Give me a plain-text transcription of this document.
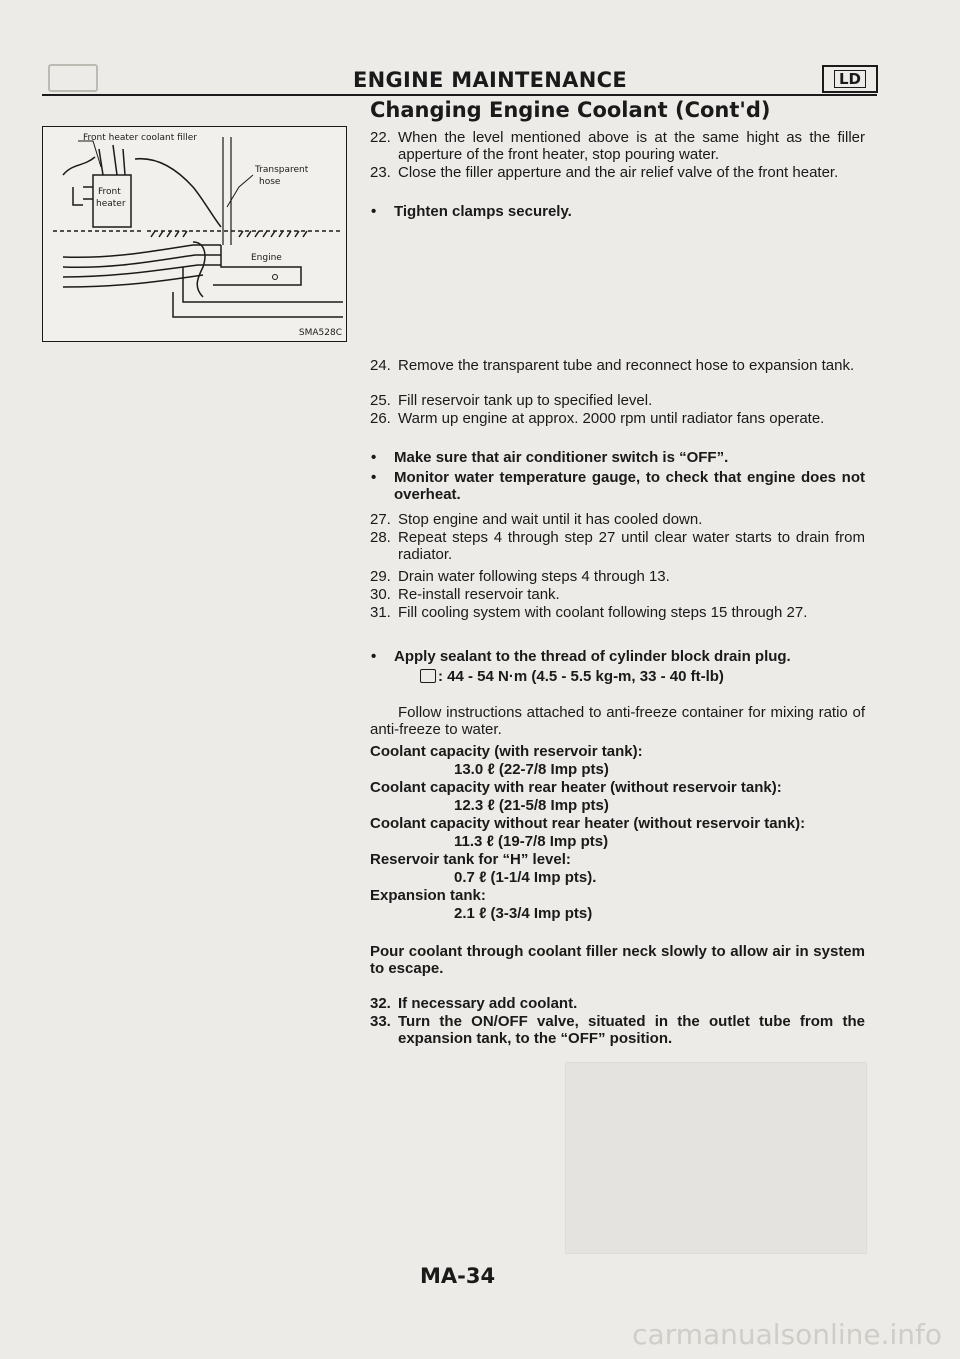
ENGINE MAINTENANCE	LD
Changing Engine Coolant (Cont'd)
Front heater coolant filler
Transparent
hose
Front
heater
Engine
SMA528C
22. When the level mentioned above is at the same hight as the filler apperture of the front heater, stop pouring water.
23. Close the filler apperture and the air relief valve of the front heater.
• Tighten clamps securely.
24. Remove the transparent tube and reconnect hose to expansion tank.
25. Fill reservoir tank up to specified level.
26. Warm up engine at approx. 2000 rpm until radiator fans operate.
• Make sure that air conditioner switch is “OFF”.
• Monitor water temperature gauge, to check that engine does not overheat.
27. Stop engine and wait until it has cooled down.
28. Repeat steps 4 through step 27 until clear water starts to drain from radiator.
29. Drain water following steps 4 through 13.
30. Re-install reservoir tank.
31. Fill cooling system with coolant following steps 15 through 27.
• Apply sealant to the thread of cylinder block drain plug.
: 44 - 54 N·m (4.5 - 5.5 kg-m, 33 - 40 ft-lb)
Follow instructions attached to anti-freeze container for mixing ratio of anti-freeze to water.
Coolant capacity (with reservoir tank):
13.0 ℓ (22-7/8 Imp pts)
Coolant capacity with rear heater (without reservoir tank):
12.3 ℓ (21-5/8 Imp pts)
Coolant capacity without rear heater (without reservoir tank):
11.3 ℓ (19-7/8 Imp pts)
Reservoir tank for “H” level:
0.7 ℓ (1-1/4 Imp pts).
Expansion tank:
2.1 ℓ (3-3/4 Imp pts)
Pour coolant through coolant filler neck slowly to allow air in system to escape.
32. If necessary add coolant.
33. Turn the ON/OFF valve, situated in the outlet tube from the expansion tank, to the “OFF” position.
MA-34
carmanualsonline.info
